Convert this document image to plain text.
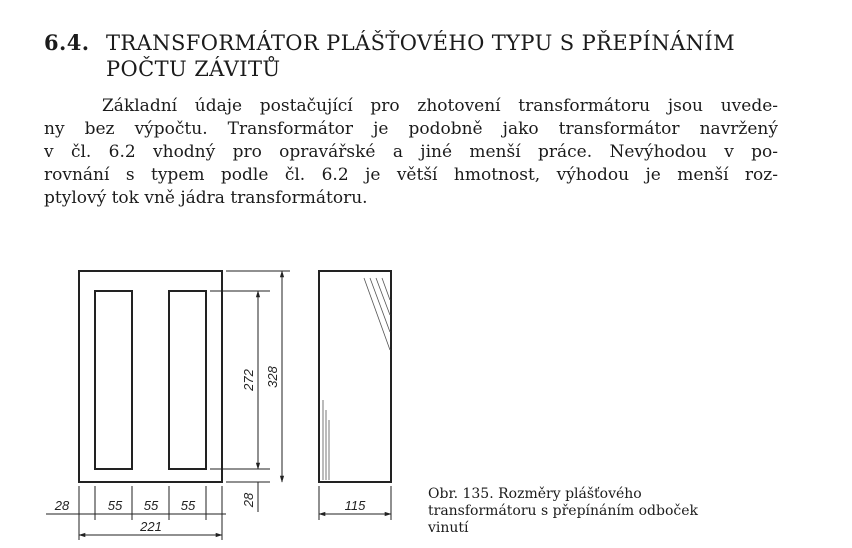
6.4. TRANSFORMÁTOR PLÁŠŤOVÉHO TYPU S PŘEPÍNÁNÍM
POČTU ZÁVITŮ
Základní údaje postačující pro zhotovení transformátoru jsou uvede-
ny bez výpočtu. Transformátor je podobně jako transformátor navržený
v čl. 6.2 vhodný pro opravářské a jiné menší práce. Nevýhodou v po-
rovnání s typem podle čl. 6.2 je větší hmotnost, výhodou je menší roz-
ptylový tok vně jádra transformátoru.
28	55 55 55
221
115
272 328
28	Obr. 135. Rozměry plášťového
transformátoru s přepínáním odboček
vinutí
